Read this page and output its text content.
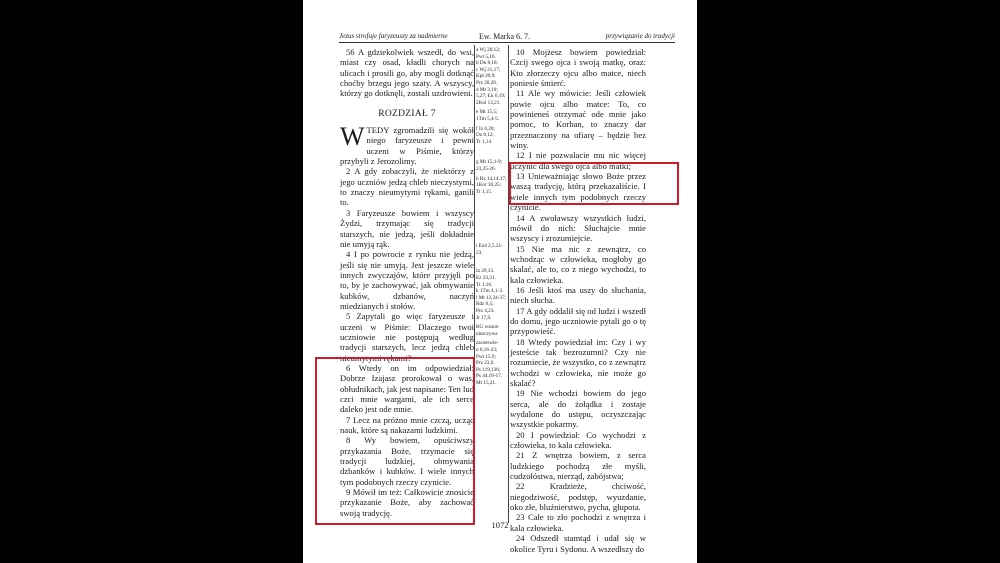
Jezus strofuje faryzeuszy za nadmierne	Ew. Marka 6. 7.	przywiązanie do tradycji

56 A gdziekolwiek wszedł, do wsi, miast czy osad, kładli chorych na ulicach i prosili go, aby mogli dotknąć choćby brzegu jego szaty. A wszyscy, którzy go dotknęli, zostali uzdrowieni.

ROZDZIAŁ 7

WTEDY zgromadzili się wokół niego faryzeusze i pewni uczeni w Piśmie, którzy przybyli z Jerozolimy.

2 A gdy zobaczyli, że niektórzy z jego uczniów jedzą chleb nieczystymi, to znaczy nieumytymi rękami, ganili to.

3 Faryzeusze bowiem i wszyscy Żydzi, trzymając się tradycji starszych, nie jedzą, jeśli dokładnie nie umyją rąk.

4 I po powrocie z rynku nie jedzą, jeśli się nie umyją. Jest jeszcze wiele innych zwyczajów, które przyjęli po to, by je zachowywać, jak obmywanie kubków, dzbanów, naczyń miedzianych i stołów.

5 Zapytali go więc faryzeusze i uczeni w Piśmie: Dlaczego twoi uczniowie nie postępują według tradycji starszych, lecz jedzą chleb nieumytymi rękami?

6 Wtedy on im odpowiedział: Dobrze Izajasz prorokował o was, obłudnikach, jak jest napisane: Ten lud czci mnie wargami, ale ich serce daleko jest ode mnie.

7 Lecz na próżno mnie czczą, ucząc nauk, które są nakazami ludzkimi.

8 Wy bowiem, opuściwszy przykazania Boże, trzymacie się tradycji ludzkiej, obmywania dzbanków i kubków. I wiele innych tym podobnych rzeczy czynicie.

9 Mówił im też: Całkowicie znosicie przykazanie Boże, aby zachować swoją tradycję.

a Wj 20,12;
Pwt 5,16.
b Dn 8,18.
c Wj 21,17;
Kpł 20,9;
Prz 20,20.
d Mt 3,10;
5,27; Łk 6,19;
2Kol 13,21.
e Mt 15,5;
1Tm 5,4-5.
f Iz 6,20;
Oz 8,12;
Tt 1,14.
g Mt 15,1-9;
23,25-26.
h Rz 14,14.17;
1Kor 10,25;
Tt 1,15.
i Ezd 2,5.21-23.
Iz 29,13.
Ez 33,31.
Tt 1,16.
k 1Tm 4,1-3.
l Mt 12,34-37;
Rdz 6,5;
Prz 4,23.
Jr 17,9.
BG wznoś-
niszczywa
zaczerwie-
n 6,16-23;
Pwt 15,9;
Prz 23,6.
Ps 119,136;
Ps 44,16-17.
Mt 15,21.

10 Mojżesz bowiem powiedział: Czcij swego ojca i swoją matkę, oraz: Kto złorzeczy ojcu albo matce, niech poniesie śmierć.

11 Ale wy mówicie: Jeśli człowiek powie ojcu albo matce: To, co powinieneś otrzymać ode mnie jako pomoc, to Korban, to znaczy dar przeznaczony na ofiarę – będzie bez winy.

12 I nie pozwalacie mu nic więcej uczynić dla swego ojca albo matki;

13 Unieważniając słowo Boże przez waszą tradycję, którą przekazaliście. I wiele innych tym podobnych rzeczy czynicie.

14 A zwoławszy wszystkich ludzi, mówił do nich: Słuchajcie mnie wszyscy i zrozumiejcie.

15 Nie ma nic z zewnątrz, co wchodząc w człowieka, mogłoby go skalać, ale to, co z niego wychodzi, to kala człowieka.

16 Jeśli ktoś ma uszy do słuchania, niech słucha.

17 A gdy oddalił się od ludzi i wszedł do domu, jego uczniowie pytali go o tę przypowieść.

18 Wtedy powiedział im: Czy i wy jesteście tak bezrozumni? Czy nie rozumiecie, że wszystko, co z zewnątrz wchodzi w człowieka, nie może go skalać?

19 Nie wchodzi bowiem do jego serca, ale do żołądka i zostaje wydalone do ustępu, oczyszczając wszystkie pokarmy.

20 I powiedział: Co wychodzi z człowieka, to kala człowieka.

21 Z wnętrza bowiem, z serca ludzkiego pochodzą złe myśli, cudzołóstwa, nierząd, zabójstwa;

22 Kradzieże, chciwość, niegodziwość, podstęp, wyuzdanie, oko złe, bluźnierstwo, pycha, głupota.

23 Całe to zło pochodzi z wnętrza i kala człowieka.

24 Odszedł stamtąd i udał się w okolice Tyru i Sydonu. A wszedłszy do

1072
